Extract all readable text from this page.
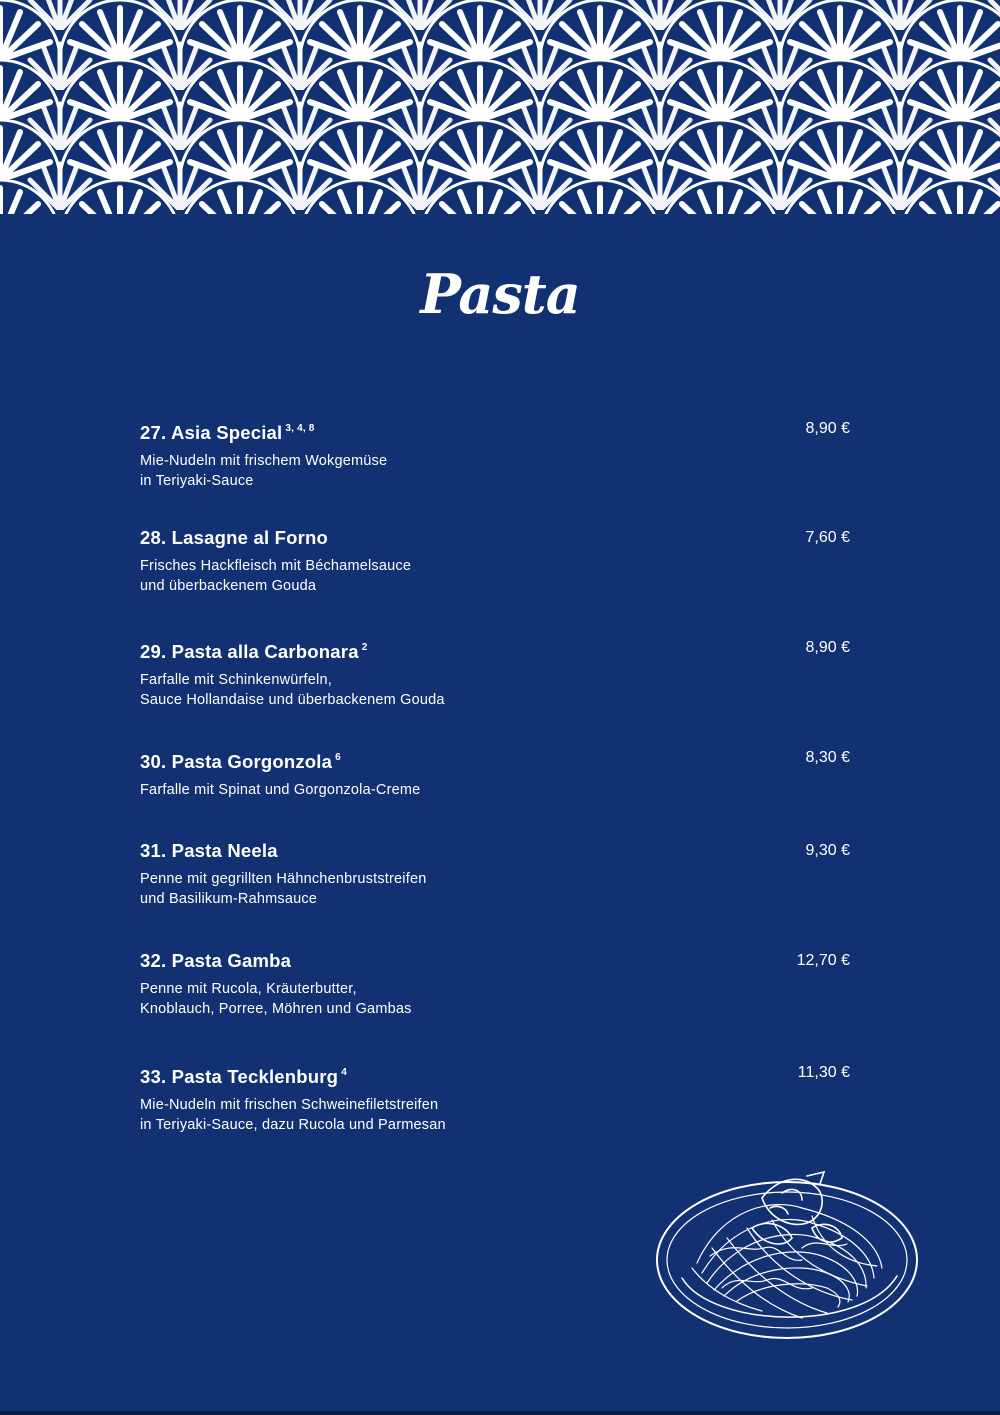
Pasta
27. Asia Special $^{3, 4, 8}$	8,90 €
Mie-Nudeln mit frischem Wokgemüse
in Teriyaki-Sauce
28. Lasagne al Forno	7,60 €
Frisches Hackfleisch mit Béchamelsauce
und überbackenem Gouda
29. Pasta alla Carbonara $^2$	8,90 €
Farfalle mit Schinkenwürfeln,
Sauce Hollandaise und überbackenem Gouda
30. Pasta Gorgonzola $^6$	8,30 €
Farfalle mit Spinat und Gorgonzola-Creme
31. Pasta Neela	9,30 €
Penne mit gegrillten Hähnchenbruststreifen
und Basilikum-Rahmsauce
32. Pasta Gamba	12,70 €
Penne mit Rucola, Kräuterbutter,
Knoblauch, Porree, Möhren und Gambas
33. Pasta Tecklenburg $^4$	11,30 €
Mie-Nudeln mit frischen Schweinefiletstreifen
in Teriyaki-Sauce, dazu Rucola und Parmesan
